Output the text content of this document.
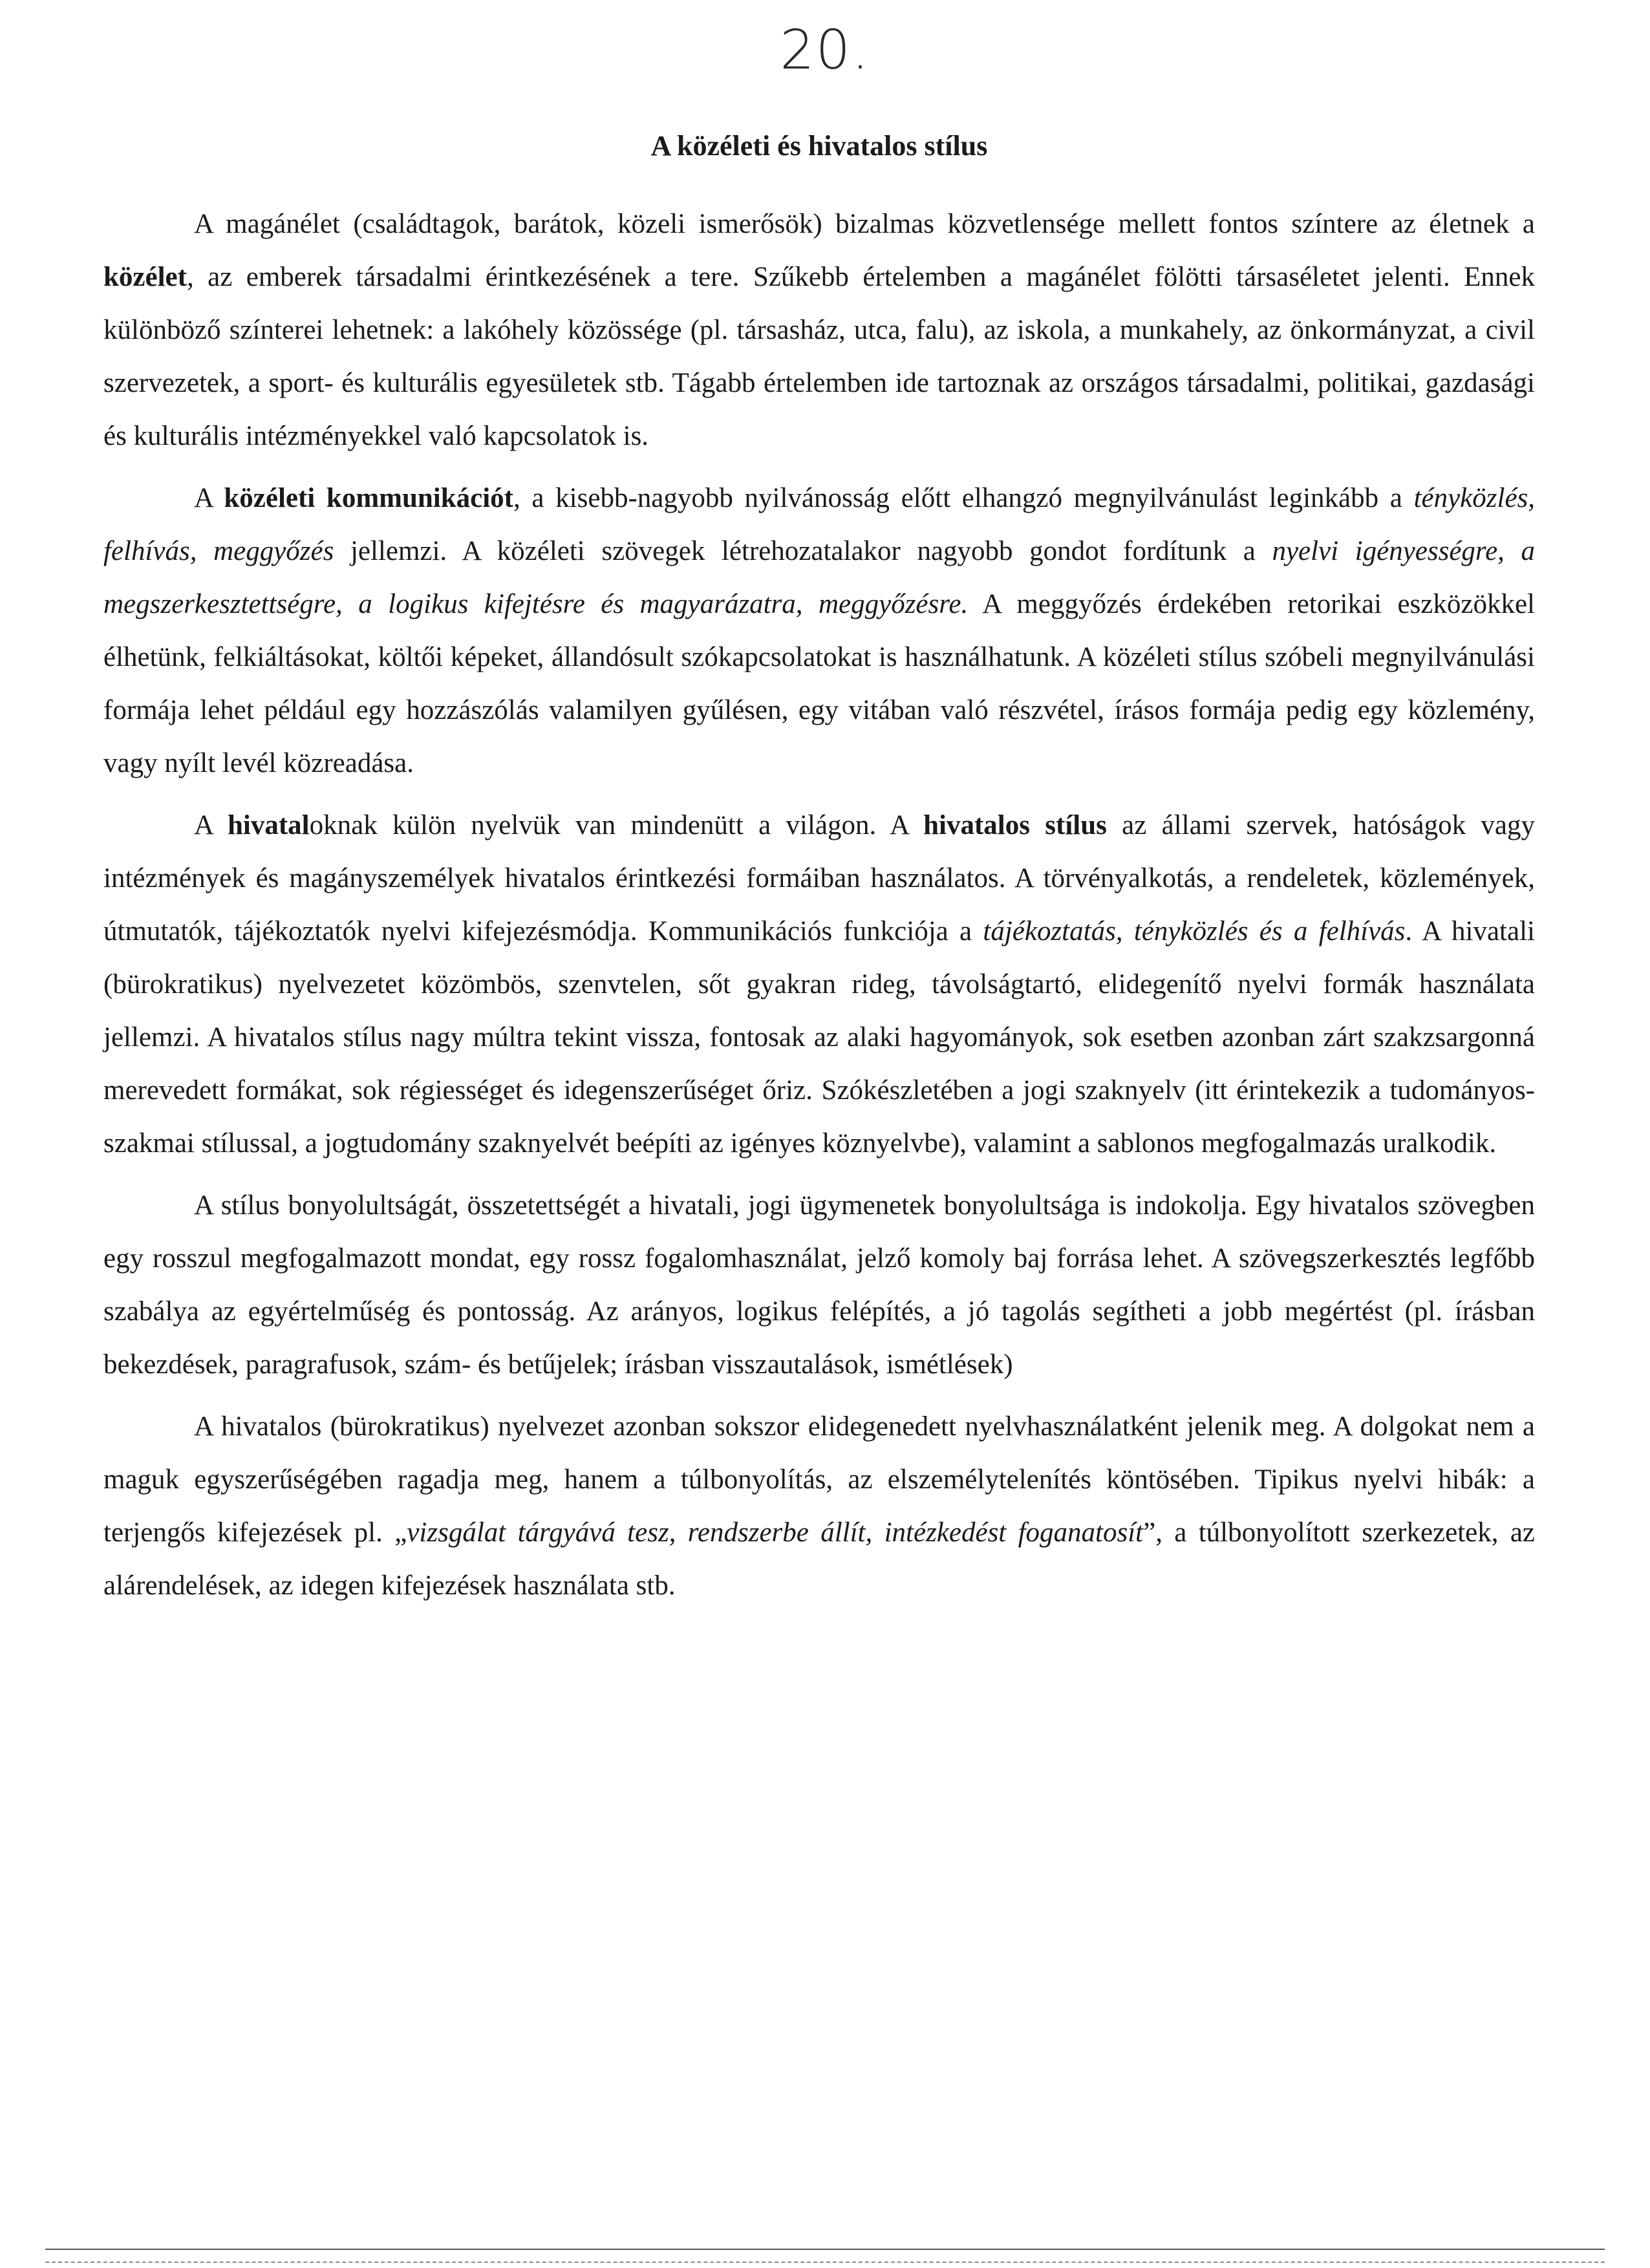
20.
A közéleti és hivatalos stílus

A magánélet (családtagok, barátok, közeli ismerősök) bizalmas közvetlensége mellett fontos színtere az életnek a közélet, az emberek társadalmi érintkezésének a tere. Szűkebb értelemben a magánélet fölötti társaséletet jelenti. Ennek különböző színterei lehetnek: a lakóhely közössége (pl. társasház, utca, falu), az iskola, a munkahely, az önkormányzat, a civil szervezetek, a sport- és kulturális egyesületek stb. Tágabb értelemben ide tartoznak az országos társadalmi, politikai, gazdasági és kulturális intézményekkel való kapcsolatok is.

A közéleti kommunikációt, a kisebb-nagyobb nyilvánosság előtt elhangzó megnyilvánulást leginkább a tényközlés, felhívás, meggyőzés jellemzi. A közéleti szövegek létrehozatalakor nagyobb gondot fordítunk a nyelvi igényességre, a megszerkesztettségre, a logikus kifejtésre és magyarázatra, meggyőzésre. A meggyőzés érdekében retorikai eszközökkel élhetünk, felkiáltásokat, költői képeket, állandósult szókapcsolatokat is használhatunk. A közéleti stílus szóbeli megnyilvánulási formája lehet például egy hozzászólás valamilyen gyűlésen, egy vitában való részvétel, írásos formája pedig egy közlemény, vagy nyílt levél közreadása.

A hivataloknak külön nyelvük van mindenütt a világon. A hivatalos stílus az állami szervek, hatóságok vagy intézmények és magányszemélyek hivatalos érintkezési formáiban használatos. A törvényalkotás, a rendeletek, közlemények, útmutatók, tájékoztatók nyelvi kifejezésmódja. Kommunikációs funkciója a tájékoztatás, tényközlés és a felhívás. A hivatali (bürokratikus) nyelvezetet közömbös, szenvtelen, sőt gyakran rideg, távolságtartó, elidegenítő nyelvi formák használata jellemzi. A hivatalos stílus nagy múltra tekint vissza, fontosak az alaki hagyományok, sok esetben azonban zárt szakzsargonná merevedett formákat, sok régiességet és idegenszerűséget őriz. Szókészletében a jogi szaknyelv (itt érintekezik a tudományos-szakmai stílussal, a jogtudomány szaknyelvét beépíti az igényes köznyelvbe), valamint a sablonos megfogalmazás uralkodik.

A stílus bonyolultságát, összetettségét a hivatali, jogi ügymenetek bonyolultsága is indokolja. Egy hivatalos szövegben egy rosszul megfogalmazott mondat, egy rossz fogalomhasználat, jelző komoly baj forrása lehet. A szövegszerkesztés legfőbb szabálya az egyértelműség és pontosság. Az arányos, logikus felépítés, a jó tagolás segítheti a jobb megértést (pl. írásban bekezdések, paragrafusok, szám- és betűjelek; írásban visszautalások, ismétlések)

A hivatalos (bürokratikus) nyelvezet azonban sokszor elidegenedett nyelvhasználatként jelenik meg. A dolgokat nem a maguk egyszerűségében ragadja meg, hanem a túlbonyolítás, az elszemélytelenítés köntösében. Tipikus nyelvi hibák: a terjengős kifejezések pl. „vizsgálat tárgyává tesz, rendszerbe állít, intézkedést foganatosít”, a túlbonyolított szerkezetek, az alárendelések, az idegen kifejezések használata stb.
